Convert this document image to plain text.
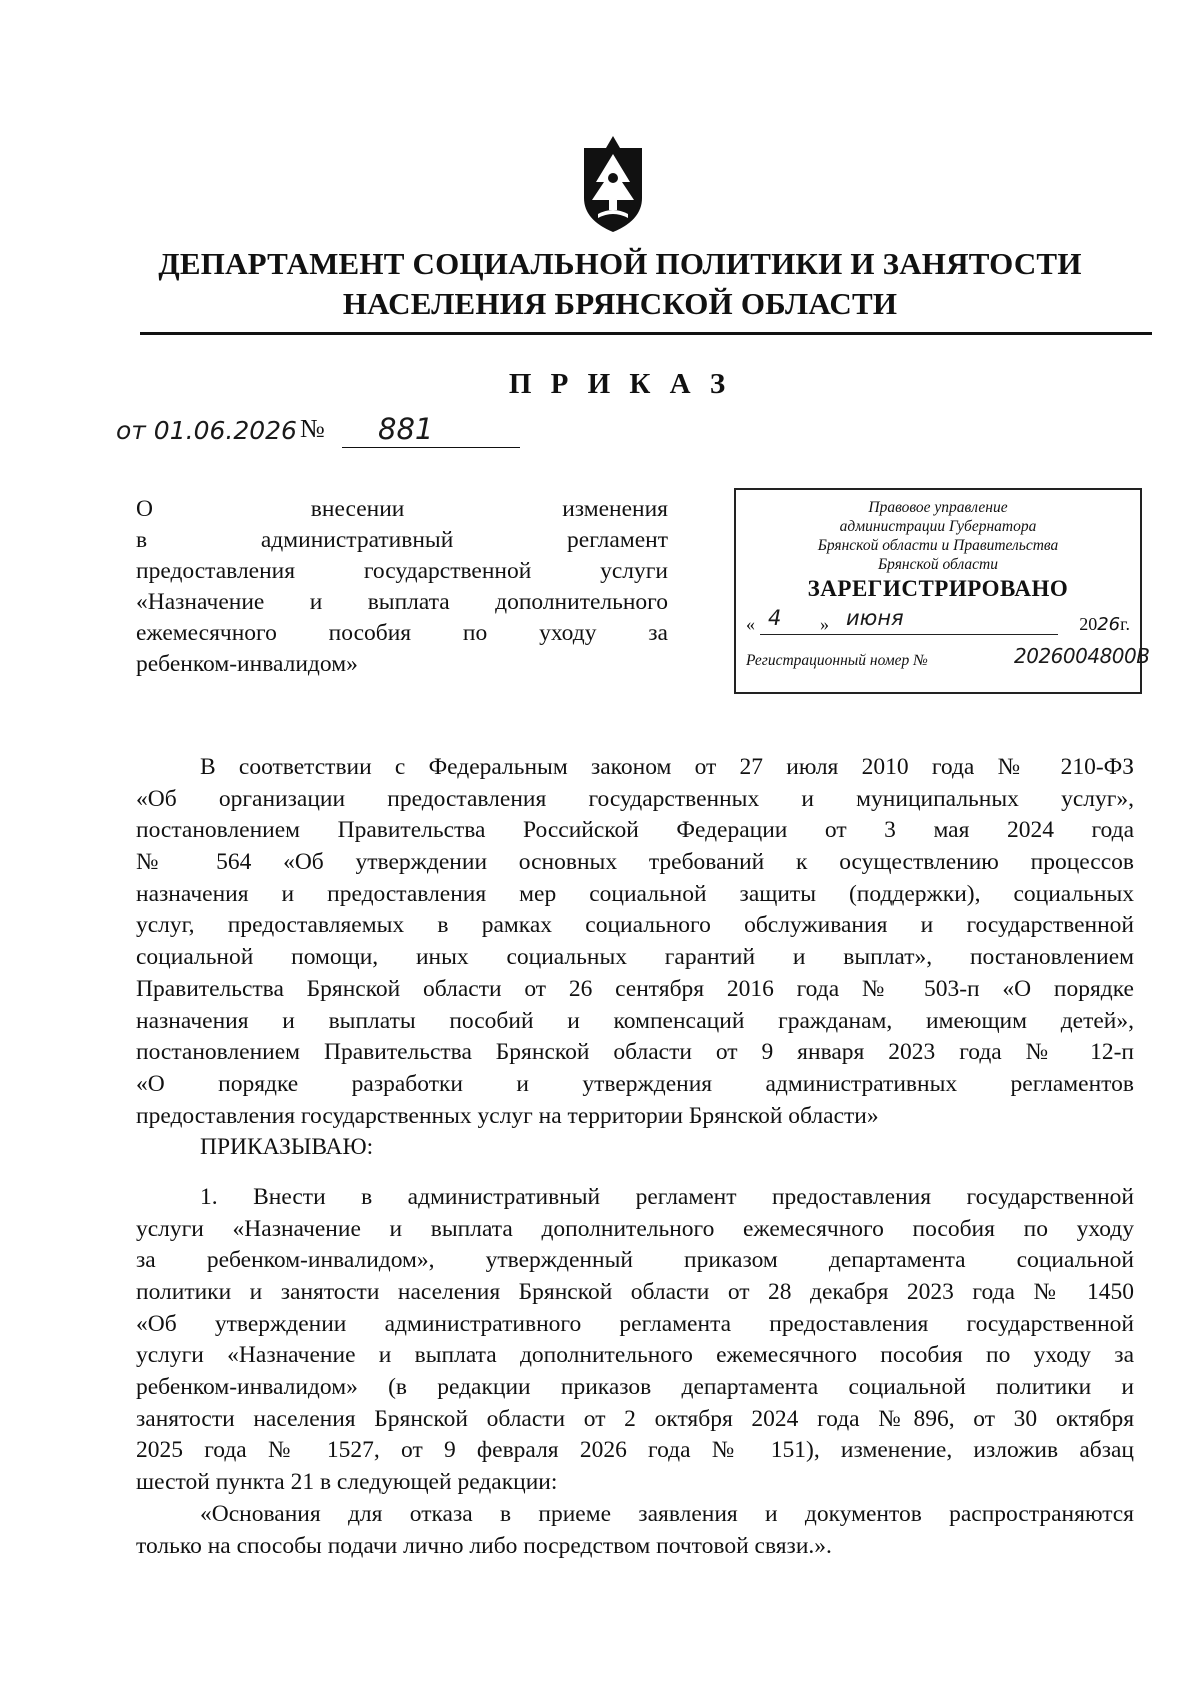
ДЕПАРТАМЕНТ СОЦИАЛЬНОЙ ПОЛИТИКИ И ЗАНЯТОСТИ
НАСЕЛЕНИЯ БРЯНСКОЙ ОБЛАСТИ
П Р И К А З
от 01.06.2026 № 881
О внесении изменения
в административный регламент
предоставления государственной услуги
«Назначение и выплата дополнительного
ежемесячного пособия по уходу за
ребенком-инвалидом»
Правовое управление
администрации Губернатора
Брянской области и Правительства
Брянской области
ЗАРЕГИСТРИРОВАНО
« 4 » июня	2026г.
Регистрационный номер №	2026004800В
В соответствии с Федеральным законом от 27 июля 2010 года № 210-ФЗ
«Об организации предоставления государственных и муниципальных услуг»,
постановлением Правительства Российской Федерации от 3 мая 2024 года
№ 564 «Об утверждении основных требований к осуществлению процессов
назначения и предоставления мер социальной защиты (поддержки), социальных
услуг, предоставляемых в рамках социального обслуживания и государственной
социальной помощи, иных социальных гарантий и выплат», постановлением
Правительства Брянской области от 26 сентября 2016 года № 503-п «О порядке
назначения и выплаты пособий и компенсаций гражданам, имеющим детей»,
постановлением Правительства Брянской области от 9 января 2023 года № 12-п
«О порядке разработки и утверждения административных регламентов
предоставления государственных услуг на территории Брянской области»
ПРИКАЗЫВАЮ:
1. Внести в административный регламент предоставления государственной
услуги «Назначение и выплата дополнительного ежемесячного пособия по уходу
за ребенком-инвалидом», утвержденный приказом департамента социальной
политики и занятости населения Брянской области от 28 декабря 2023 года № 1450
«Об утверждении административного регламента предоставления государственной
услуги «Назначение и выплата дополнительного ежемесячного пособия по уходу за
ребенком-инвалидом» (в редакции приказов департамента социальной политики и
занятости населения Брянской области от 2 октября 2024 года №896, от 30 октября
2025 года № 1527, от 9 февраля 2026 года № 151), изменение, изложив абзац
шестой пункта 21 в следующей редакции:
«Основания для отказа в приеме заявления и документов распространяются
только на способы подачи лично либо посредством почтовой связи.».
